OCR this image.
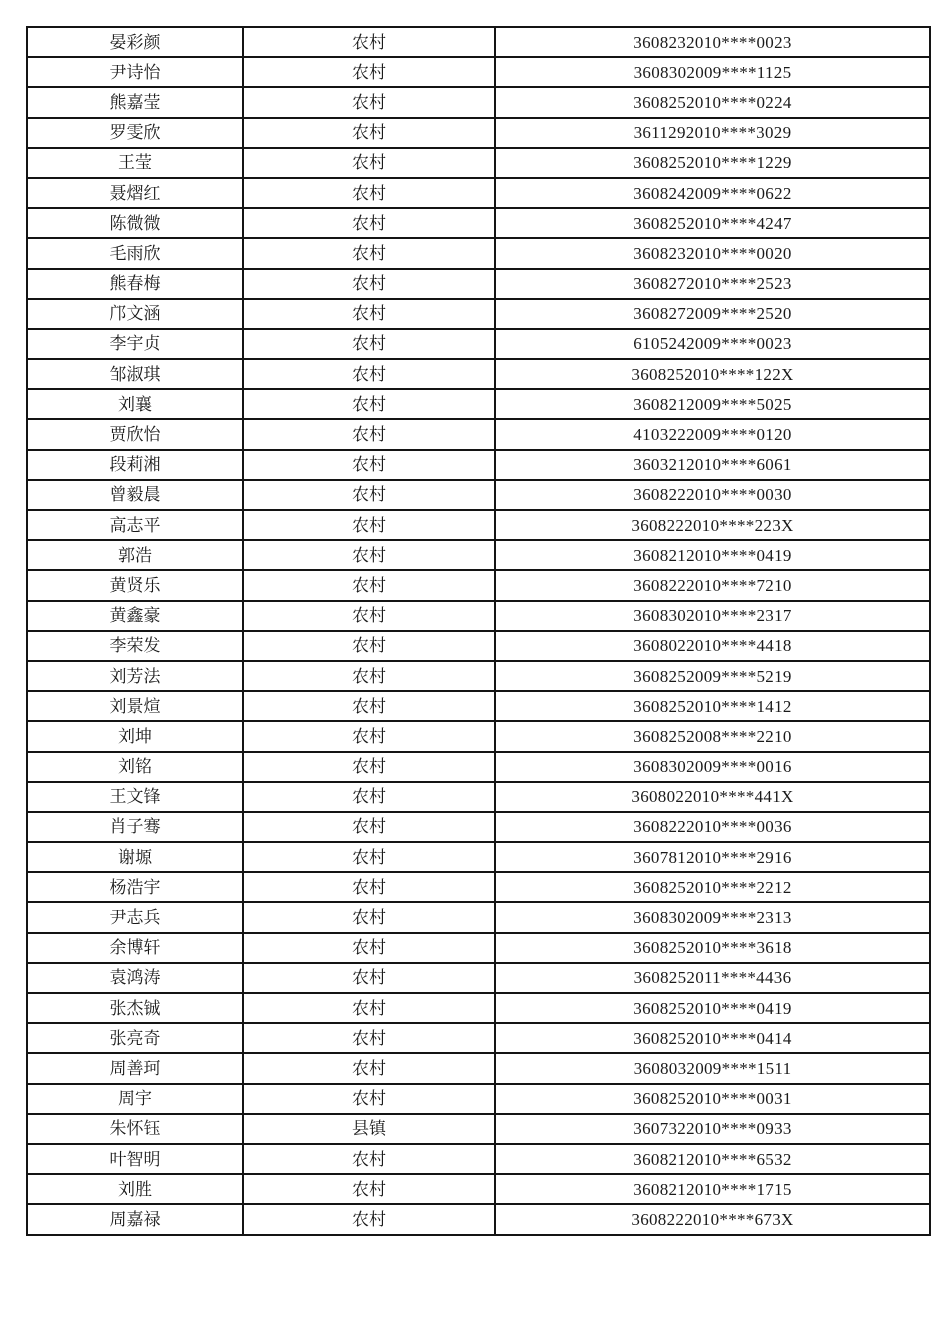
晏彩颜	农村	3608232010****0023
尹诗怡	农村	3608302009****1125
熊嘉莹	农村	3608252010****0224
罗雯欣	农村	3611292010****3029
王莹	农村	3608252010****1229
聂熠红	农村	3608242009****0622
陈微微	农村	3608252010****4247
毛雨欣	农村	3608232010****0020
熊春梅	农村	3608272010****2523
邝文涵	农村	3608272009****2520
李宇贞	农村	6105242009****0023
邹淑琪	农村	3608252010****122X
刘襄	农村	3608212009****5025
贾欣怡	农村	4103222009****0120
段莉湘	农村	3603212010****6061
曾毅晨	农村	3608222010****0030
高志平	农村	3608222010****223X
郭浩	农村	3608212010****0419
黄贤乐	农村	3608222010****7210
黄鑫豪	农村	3608302010****2317
李荣发	农村	3608022010****4418
刘芳法	农村	3608252009****5219
刘景煊	农村	3608252010****1412
刘坤	农村	3608252008****2210
刘铭	农村	3608302009****0016
王文锋	农村	3608022010****441X
肖子骞	农村	3608222010****0036
谢塬	农村	3607812010****2916
杨浩宇	农村	3608252010****2212
尹志兵	农村	3608302009****2313
余博轩	农村	3608252010****3618
袁鸿涛	农村	3608252011****4436
张杰铖	农村	3608252010****0419
张亮奇	农村	3608252010****0414
周善珂	农村	3608032009****1511
周宇	农村	3608252010****0031
朱怀钰	县镇	3607322010****0933
叶智明	农村	3608212010****6532
刘胜	农村	3608212010****1715
周嘉禄	农村	3608222010****673X
